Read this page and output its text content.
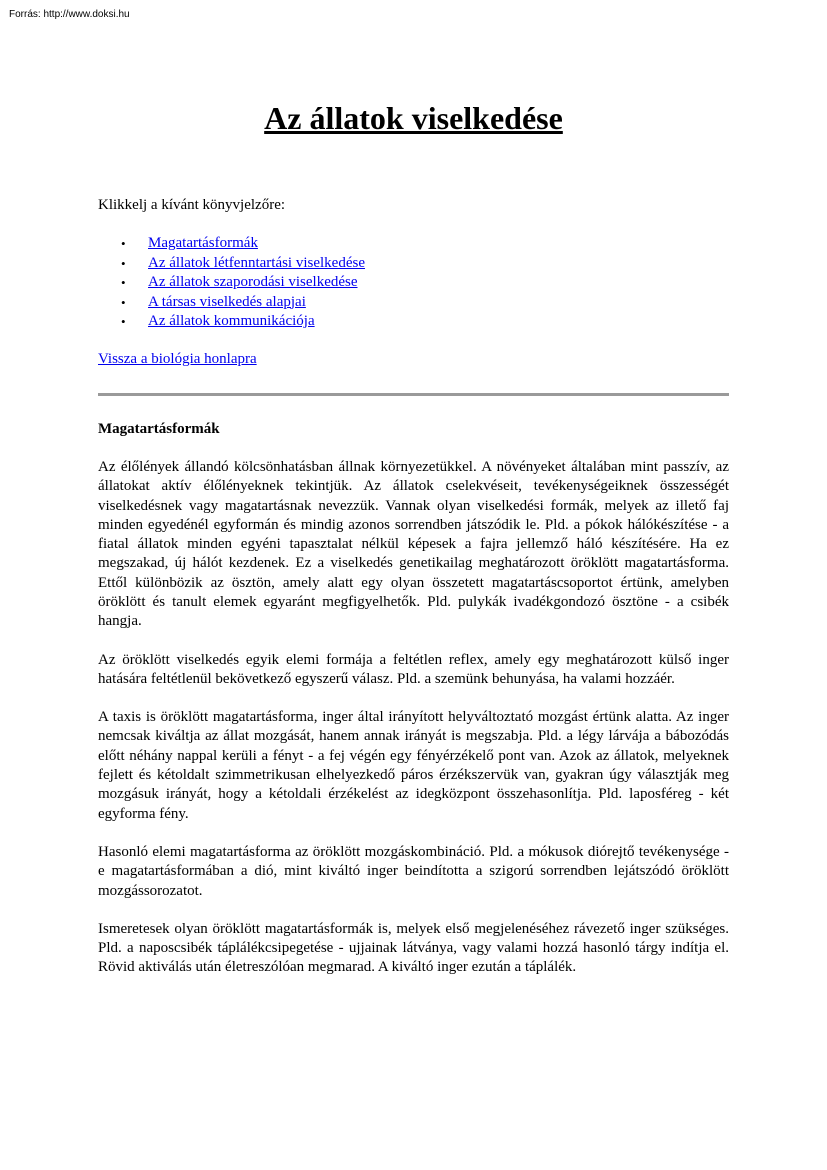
Forrás: http://www.doksi.hu
Az állatok viselkedése

Klikkelj a kívánt könyvjelzőre:

• Magatartásformák
• Az állatok létfenntartási viselkedése
• Az állatok szaporodási viselkedése
• A társas viselkedés alapjai
• Az állatok kommunikációja

Vissza a biológia honlapra

Magatartásformák

Az élőlények állandó kölcsönhatásban állnak környezetükkel. A növényeket általában mint passzív, az állatokat aktív élőlényeknek tekintjük. Az állatok cselekvéseit, tevékenységeiknek összességét viselkedésnek vagy magatartásnak nevezzük. Vannak olyan viselkedési formák, melyek az illető faj minden egyedénél egyformán és mindig azonos sorrendben játszódik le. Pld. a pókok hálókészítése - a fiatal állatok minden egyéni tapasztalat nélkül képesek a fajra jellemző háló készítésére. Ha ez megszakad, új hálót kezdenek. Ez a viselkedés genetikailag meghatározott öröklött magatartásforma. Ettől különbözik az ösztön, amely alatt egy olyan összetett magatartáscsoportot értünk, amelyben öröklött és tanult elemek egyaránt megfigyelhetők. Pld. pulykák ivadékgondozó ösztöne - a csibék hangja.

Az öröklött viselkedés egyik elemi formája a feltétlen reflex, amely egy meghatározott külső inger hatására feltétlenül bekövetkező egyszerű válasz. Pld. a szemünk behunyása, ha valami hozzáér.

A taxis is öröklött magatartásforma, inger által irányított helyváltoztató mozgást értünk alatta. Az inger nemcsak kiváltja az állat mozgását, hanem annak irányát is megszabja. Pld. a légy lárvája a bábozódás előtt néhány nappal kerüli a fényt - a fej végén egy fényérzékelő pont van. Azok az állatok, melyeknek fejlett és kétoldalt szimmetrikusan elhelyezkedő páros érzékszervük van, gyakran úgy választják meg mozgásuk irányát, hogy a kétoldali érzékelést az idegközpont összehasonlítja. Pld. laposféreg - két egyforma fény.

Hasonló elemi magatartásforma az öröklött mozgáskombináció. Pld. a mókusok diórejtő tevékenysége - e magatartásformában a dió, mint kiváltó inger beindította a szigorú sorrendben lejátszódó öröklött mozgássorozatot.

Ismeretesek olyan öröklött magatartásformák is, melyek első megjelenéséhez rávezető inger szükséges. Pld. a naposcsibék táplálékcsipegetése - ujjainak látványa, vagy valami hozzá hasonló tárgy indítja el. Rövid aktiválás után életreszólóan megmarad. A kiváltó inger ezután a táplálék.
